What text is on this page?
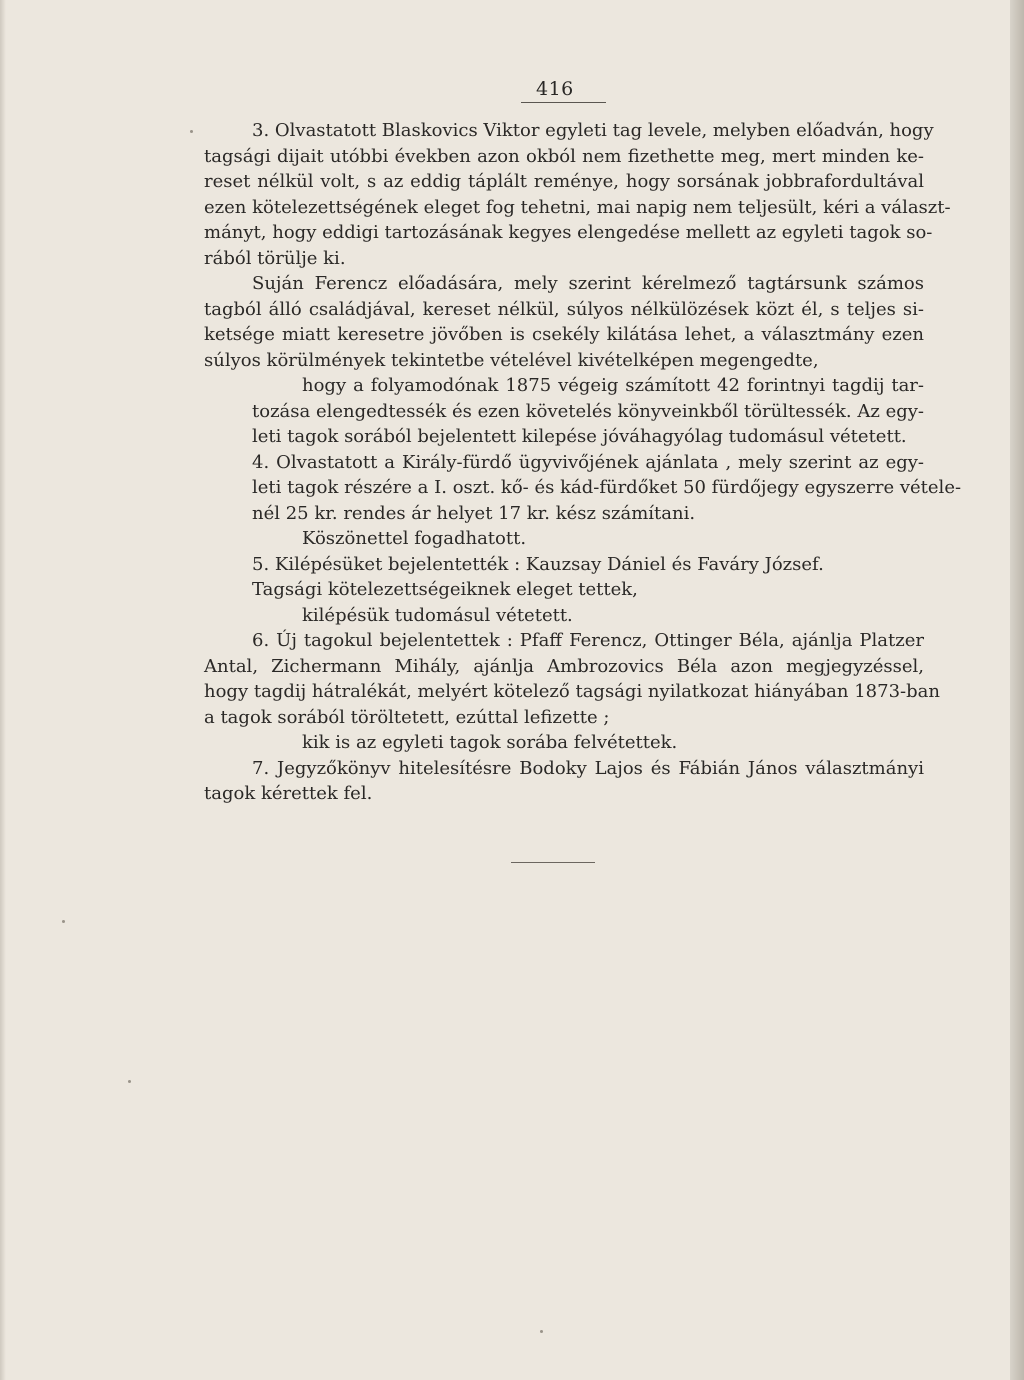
416
3. Olvastatott Blaskovics Viktor egyleti tag levele, melyben előadván, hogy
tagsági dijait utóbbi években azon okból nem fizethette meg, mert minden ke-
reset nélkül volt, s az eddig táplált reménye, hogy sorsának jobbrafordultával
ezen kötelezettségének eleget fog tehetni, mai napig nem teljesült, kéri a választ-
mányt, hogy eddigi tartozásának kegyes elengedése mellett az egyleti tagok so-
rából törülje ki.
Suján Ferencz előadására, mely szerint kérelmező tagtársunk számos
tagból álló családjával, kereset nélkül, súlyos nélkülözések közt él, s teljes si-
ketsége miatt keresetre jövőben is csekély kilátása lehet, a választmány ezen
súlyos körülmények tekintetbe vételével kivételképen megengedte,
hogy a folyamodónak 1875 végeig számított 42 forintnyi tagdij tar-
tozása elengedtessék és ezen követelés könyveinkből törültessék. Az egy-
leti tagok sorából bejelentett kilepése jóváhagyólag tudomásul vétetett.
4. Olvastatott a Király-fürdő ügyvivőjének ajánlata , mely szerint az egy-
leti tagok részére a I. oszt. kő- és kád-fürdőket 50 fürdőjegy egyszerre vétele-
nél 25 kr. rendes ár helyet 17 kr. kész számítani.
Köszönettel fogadhatott.
5. Kilépésüket bejelentették : Kauzsay Dániel és Faváry József.
Tagsági kötelezettségeiknek eleget tettek,
kilépésük tudomásul vétetett.
6. Új tagokul bejelentettek : Pfaff Ferencz, Ottinger Béla, ajánlja Platzer
Antal, Zichermann Mihály, ajánlja Ambrozovics Béla azon megjegyzéssel,
hogy tagdij hátralékát, melyért kötelező tagsági nyilatkozat hiányában 1873-ban
a tagok sorából töröltetett, ezúttal lefizette ;
kik is az egyleti tagok sorába felvétettek.
7. Jegyzőkönyv hitelesítésre Bodoky Lajos és Fábián János választmányi
tagok kérettek fel.
